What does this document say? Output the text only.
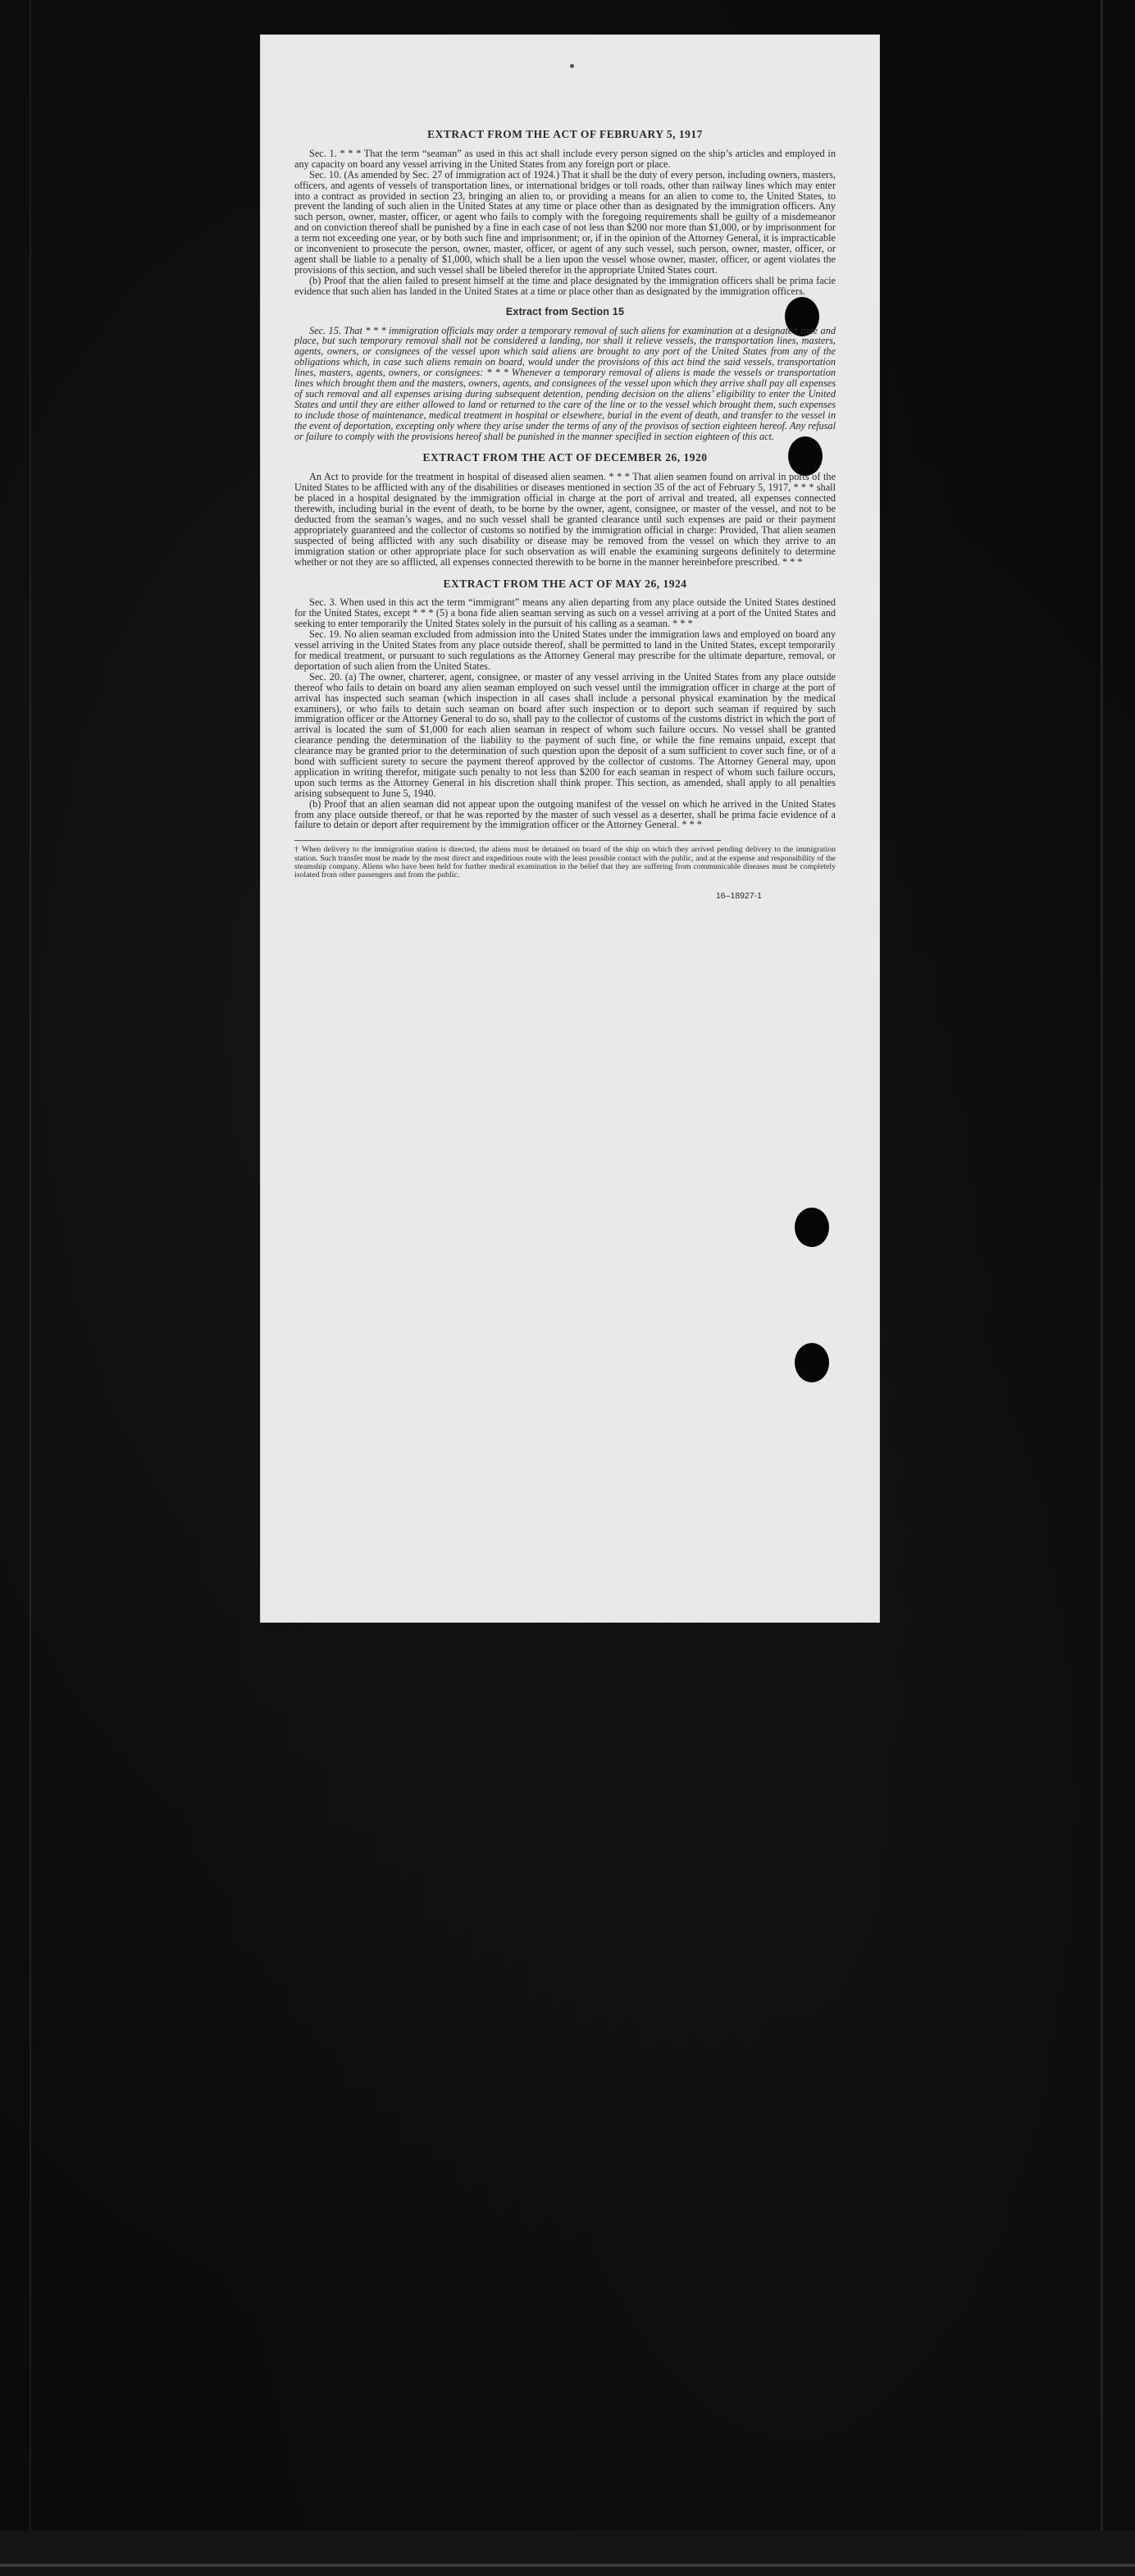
EXTRACT FROM THE ACT OF FEBRUARY 5, 1917

Sec. 1. * * * That the term “seaman” as used in this act shall include every person signed on the ship’s articles and employed in any capacity on board any vessel arriving in the United States from any foreign port or place.

Sec. 10. (As amended by Sec. 27 of immigration act of 1924.) That it shall be the duty of every person, including owners, masters, officers, and agents of vessels of transportation lines, or international bridges or toll roads, other than railway lines which may enter into a contract as provided in section 23, bringing an alien to, or providing a means for an alien to come to, the United States, to prevent the landing of such alien in the United States at any time or place other than as designated by the immigration officers. Any such person, owner, master, officer, or agent who fails to comply with the foregoing requirements shall be guilty of a misdemeanor and on conviction thereof shall be punished by a fine in each case of not less than $200 nor more than $1,000, or by imprisonment for a term not exceeding one year, or by both such fine and imprisonment; or, if in the opinion of the Attorney General, it is impracticable or inconvenient to prosecute the person, owner, master, officer, or agent of any such vessel, such person, owner, master, officer, or agent shall be liable to a penalty of $1,000, which shall be a lien upon the vessel whose owner, master, officer, or agent violates the provisions of this section, and such vessel shall be libeled therefor in the appropriate United States court.

(b) Proof that the alien failed to present himself at the time and place designated by the immigration officers shall be prima facie evidence that such alien has landed in the United States at a time or place other than as designated by the immigration officers.

Extract from Section 15

Sec. 15. That * * * immigration officials may order a temporary removal of such aliens for examination at a designated time and place, but such temporary removal shall not be considered a landing, nor shall it relieve vessels, the transportation lines, masters, agents, owners, or consignees of the vessel upon which said aliens are brought to any port of the United States from any of the obligations which, in case such aliens remain on board, would under the provisions of this act bind the said vessels, transportation lines, masters, agents, owners, or consignees: * * * Whenever a temporary removal of aliens is made the vessels or transportation lines which brought them and the masters, owners, agents, and consignees of the vessel upon which they arrive shall pay all expenses of such removal and all expenses arising during subsequent detention, pending decision on the aliens’ eligibility to enter the United States and until they are either allowed to land or returned to the care of the line or to the vessel which brought them, such expenses to include those of maintenance, medical treatment in hospital or elsewhere, burial in the event of death, and transfer to the vessel in the event of deportation, excepting only where they arise under the terms of any of the provisos of section eighteen hereof. Any refusal or failure to comply with the provisions hereof shall be punished in the manner specified in section eighteen of this act.

EXTRACT FROM THE ACT OF DECEMBER 26, 1920

An Act to provide for the treatment in hospital of diseased alien seamen. * * * That alien seamen found on arrival in ports of the United States to be afflicted with any of the disabilities or diseases mentioned in section 35 of the act of February 5, 1917, * * * shall be placed in a hospital designated by the immigration official in charge at the port of arrival and treated, all expenses connected therewith, including burial in the event of death, to be borne by the owner, agent, consignee, or master of the vessel, and not to be deducted from the seaman’s wages, and no such vessel shall be granted clearance until such expenses are paid or their payment appropriately guaranteed and the collector of customs so notified by the immigration official in charge: Provided, That alien seamen suspected of being afflicted with any such disability or disease may be removed from the vessel on which they arrive to an immigration station or other appropriate place for such observation as will enable the examining surgeons definitely to determine whether or not they are so afflicted, all expenses connected therewith to be borne in the manner hereinbefore prescribed. * * *

EXTRACT FROM THE ACT OF MAY 26, 1924

Sec. 3. When used in this act the term “immigrant” means any alien departing from any place outside the United States destined for the United States, except * * * (5) a bona fide alien seaman serving as such on a vessel arriving at a port of the United States and seeking to enter temporarily the United States solely in the pursuit of his calling as a seaman. * * *

Sec. 19. No alien seaman excluded from admission into the United States under the immigration laws and employed on board any vessel arriving in the United States from any place outside thereof, shall be permitted to land in the United States, except temporarily for medical treatment, or pursuant to such regulations as the Attorney General may prescribe for the ultimate departure, removal, or deportation of such alien from the United States.

Sec. 20. (a) The owner, charterer, agent, consignee, or master of any vessel arriving in the United States from any place outside thereof who fails to detain on board any alien seaman employed on such vessel until the immigration officer in charge at the port of arrival has inspected such seaman (which inspection in all cases shall include a personal physical examination by the medical examiners), or who fails to detain such seaman on board after such inspection or to deport such seaman if required by such immigration officer or the Attorney General to do so, shall pay to the collector of customs of the customs district in which the port of arrival is located the sum of $1,000 for each alien seaman in respect of whom such failure occurs. No vessel shall be granted clearance pending the determination of the liability to the payment of such fine, or while the fine remains unpaid, except that clearance may be granted prior to the determination of such question upon the deposit of a sum sufficient to cover such fine, or of a bond with sufficient surety to secure the payment thereof approved by the collector of customs. The Attorney General may, upon application in writing therefor, mitigate such penalty to not less than $200 for each seaman in respect of whom such failure occurs, upon such terms as the Attorney General in his discretion shall think proper. This section, as amended, shall apply to all penalties arising subsequent to June 5, 1940.

(b) Proof that an alien seaman did not appear upon the outgoing manifest of the vessel on which he arrived in the United States from any place outside thereof, or that he was reported by the master of such vessel as a deserter, shall be prima facie evidence of a failure to detain or deport after requirement by the immigration officer or the Attorney General. * * *

† When delivery to the immigration station is directed, the aliens must be detained on board of the ship on which they arrived pending delivery to the immigration station. Such transfer must be made by the most direct and expeditious route with the least possible contact with the public, and at the expense and responsibility of the steamship company. Aliens who have been held for further medical examination in the belief that they are suffering from communicable diseases must be completely isolated from other passengers and from the public.

16–18927-1
